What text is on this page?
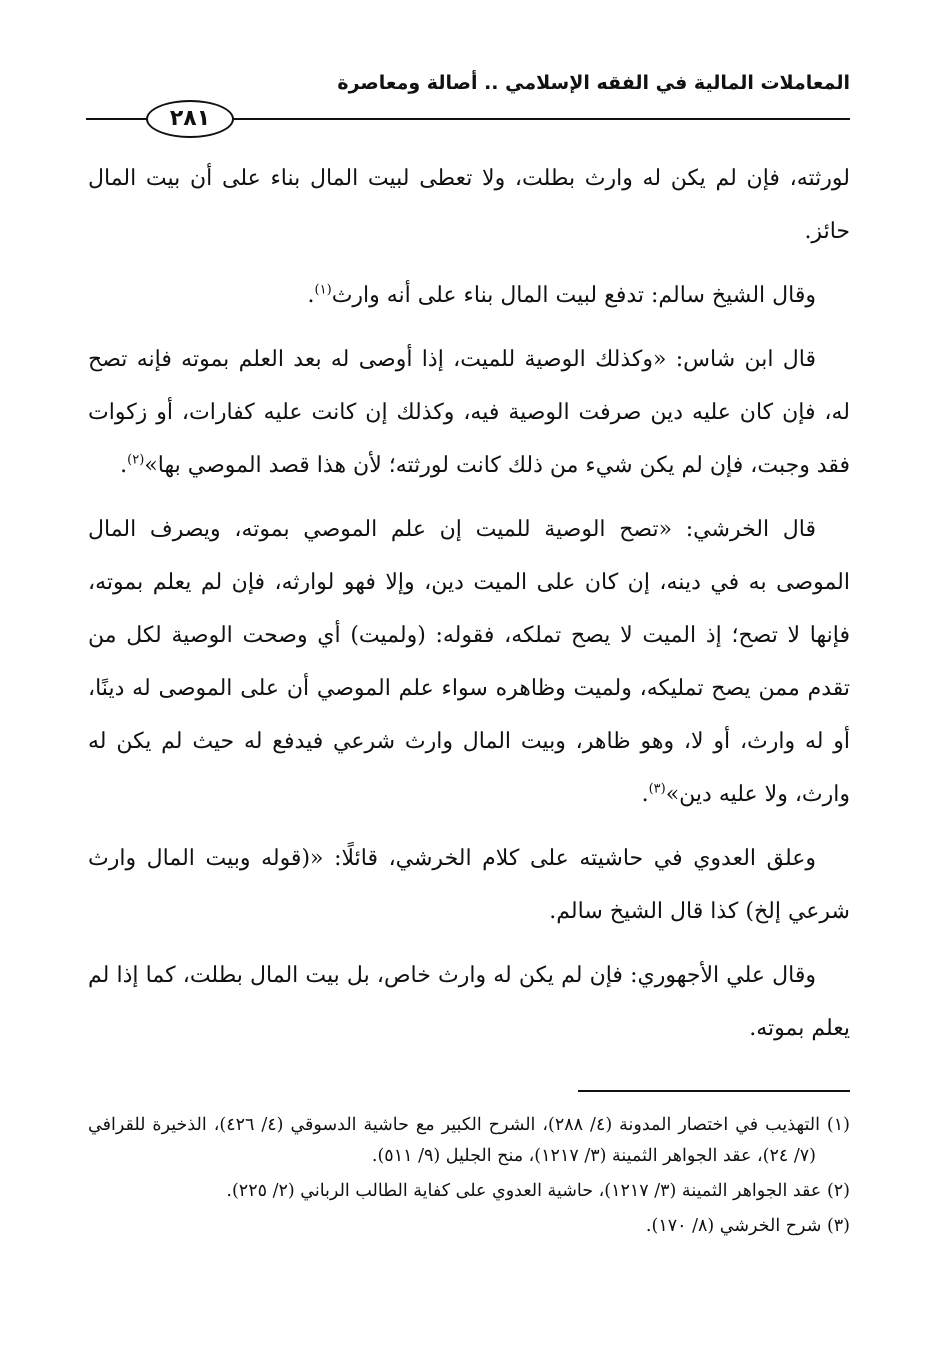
المعاملات المالية في الفقه الإسلامي .. أصالة ومعاصرة
٢٨١

لورثته، فإن لم يكن له وارث بطلت، ولا تعطى لبيت المال بناء على أن بيت المال حائز.

وقال الشيخ سالم: تدفع لبيت المال بناء على أنه وارث$^{(١)}$.

قال ابن شاس: «وكذلك الوصية للميت، إذا أوصى له بعد العلم بموته فإنه تصح له، فإن كان عليه دين صرفت الوصية فيه، وكذلك إن كانت عليه كفارات، أو زكوات فقد وجبت، فإن لم يكن شيء من ذلك كانت لورثته؛ لأن هذا قصد الموصي بها»$^{(٢)}$.

قال الخرشي: «تصح الوصية للميت إن علم الموصي بموته، ويصرف المال الموصى به في دينه، إن كان على الميت دين، وإلا فهو لوارثه، فإن لم يعلم بموته، فإنها لا تصح؛ إذ الميت لا يصح تملكه، فقوله: (ولميت) أي وصحت الوصية لكل من تقدم ممن يصح تمليكه، ولميت وظاهره سواء علم الموصي أن على الموصى له دينًا، أو له وارث، أو لا، وهو ظاهر، وبيت المال وارث شرعي فيدفع له حيث لم يكن له وارث، ولا عليه دين»$^{(٣)}$.

وعلق العدوي في حاشيته على كلام الخرشي، قائلًا: «(قوله وبيت المال وارث شرعي إلخ) كذا قال الشيخ سالم.

وقال علي الأجهوري: فإن لم يكن له وارث خاص، بل بيت المال بطلت، كما إذا لم يعلم بموته.

(١) التهذيب في اختصار المدونة (٤/ ٢٨٨)، الشرح الكبير مع حاشية الدسوقي (٤/ ٤٢٦)، الذخيرة للقرافي (٧/ ٢٤)، عقد الجواهر الثمينة (٣/ ١٢١٧)، منح الجليل (٩/ ٥١١).
(٢) عقد الجواهر الثمينة (٣/ ١٢١٧)، حاشية العدوي على كفاية الطالب الرباني (٢/ ٢٢٥).
(٣) شرح الخرشي (٨/ ١٧٠).
